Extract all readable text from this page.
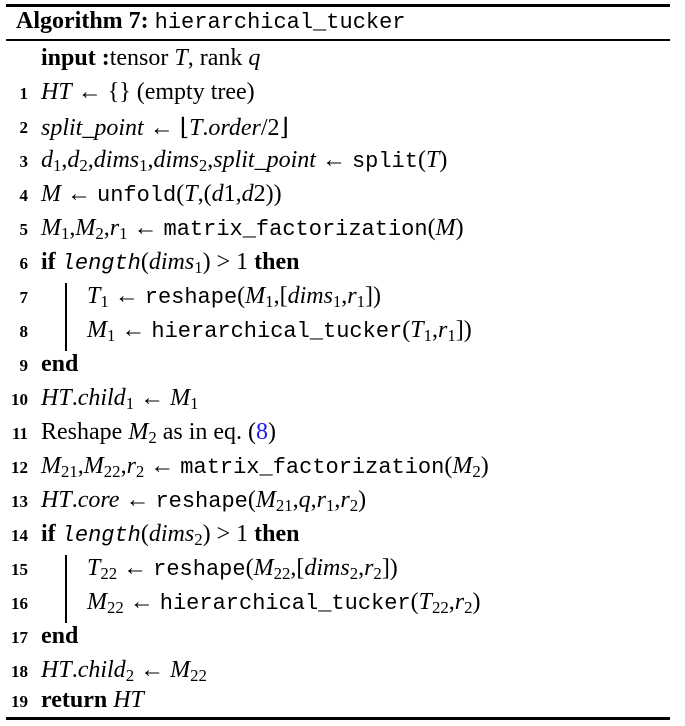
Algorithm 7: hierarchical_tucker
input :tensor T, rank q
1 HT ← {} (empty tree)
2 split_point ← ⌊T.order/2⌋
3 $d_1,d_2,dims_1,dims_2,split\_point$ ← split(T)
4 M ← unfold(T,(d1,d2))
5 $M_1,M_2,r_1$ ← matrix_factorization(M)
6 if length(dims$_1$) > 1 then
7 $T_1$ ← $reshape(M_1,[dims_1,r_1])$
8 $M_1$ ← $hierarchical\_tucker(T_1,r_1]$)
9 end
10 HT.child$_1$ ← $M_1$
11 Reshape $M_2$ as in eq. (8)
12 $M_{21},M_{22},r_2$ ← $matrix\_factorization(M_2)$
13 HT.core ← $reshape(M_{21},q,r_1,r_2)$
14 if length(dims$_2$) > 1 then
15 $T_{22}$ ← $reshape(M_{22},[dims_2,r_2])$
16 $M_{22}$ ← $hierarchical\_tucker(T_{22},r_2)$
17 end
18 HT.child$_2$ ← $M_{22}$
19 return HT
